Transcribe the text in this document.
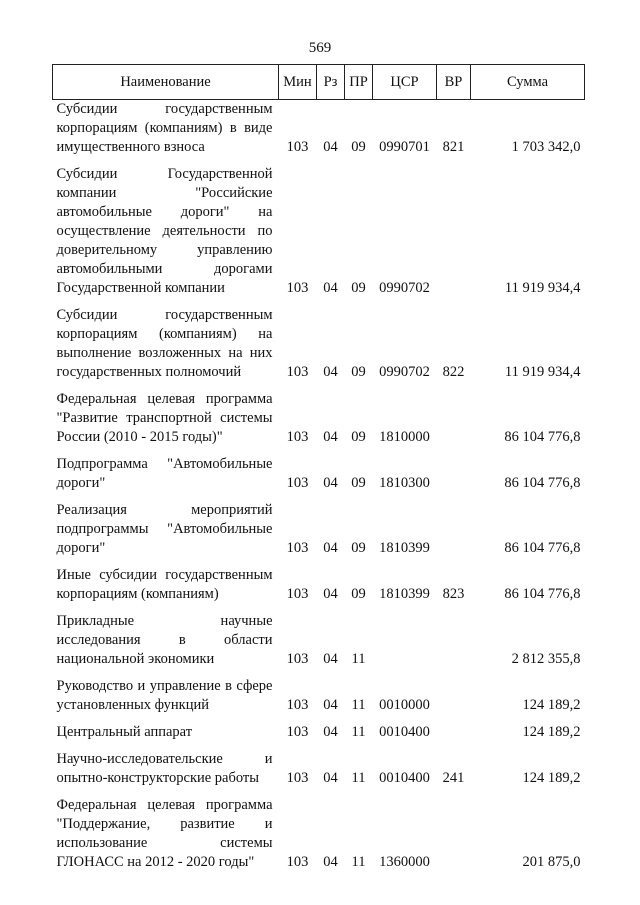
569
Наименование	Мин	Рз	ПР	ЦСР	ВР	Сумма

Субсидии государственным корпорациям (компаниям) в виде имущественного взноса	103	04	09	0990701	821	1 703 342,0

Субсидии Государственной компании "Российские автомобильные дороги" на осуществление деятельности по доверительному управлению автомобильными дорогами Государственной компании	103	04	09	0990702		11 919 934,4

Субсидии государственным корпорациям (компаниям) на выполнение возложенных на них государственных полномочий	103	04	09	0990702	822	11 919 934,4

Федеральная целевая программа "Развитие транспортной системы России (2010 - 2015 годы)"	103	04	09	1810000		86 104 776,8

Подпрограмма "Автомобильные дороги"	103	04	09	1810300		86 104 776,8

Реализация мероприятий подпрограммы "Автомобильные дороги"	103	04	09	1810399		86 104 776,8

Иные субсидии государственным корпорациям (компаниям)	103	04	09	1810399	823	86 104 776,8

Прикладные научные исследования в области национальной экономики	103	04	11			2 812 355,8

Руководство и управление в сфере установленных функций	103	04	11	0010000		124 189,2

Центральный аппарат	103	04	11	0010400		124 189,2

Научно-исследовательские и опытно-конструкторские работы	103	04	11	0010400	241	124 189,2

Федеральная целевая программа "Поддержание, развитие и использование системы ГЛОНАСС на 2012 - 2020 годы"	103	04	11	1360000		201 875,0
